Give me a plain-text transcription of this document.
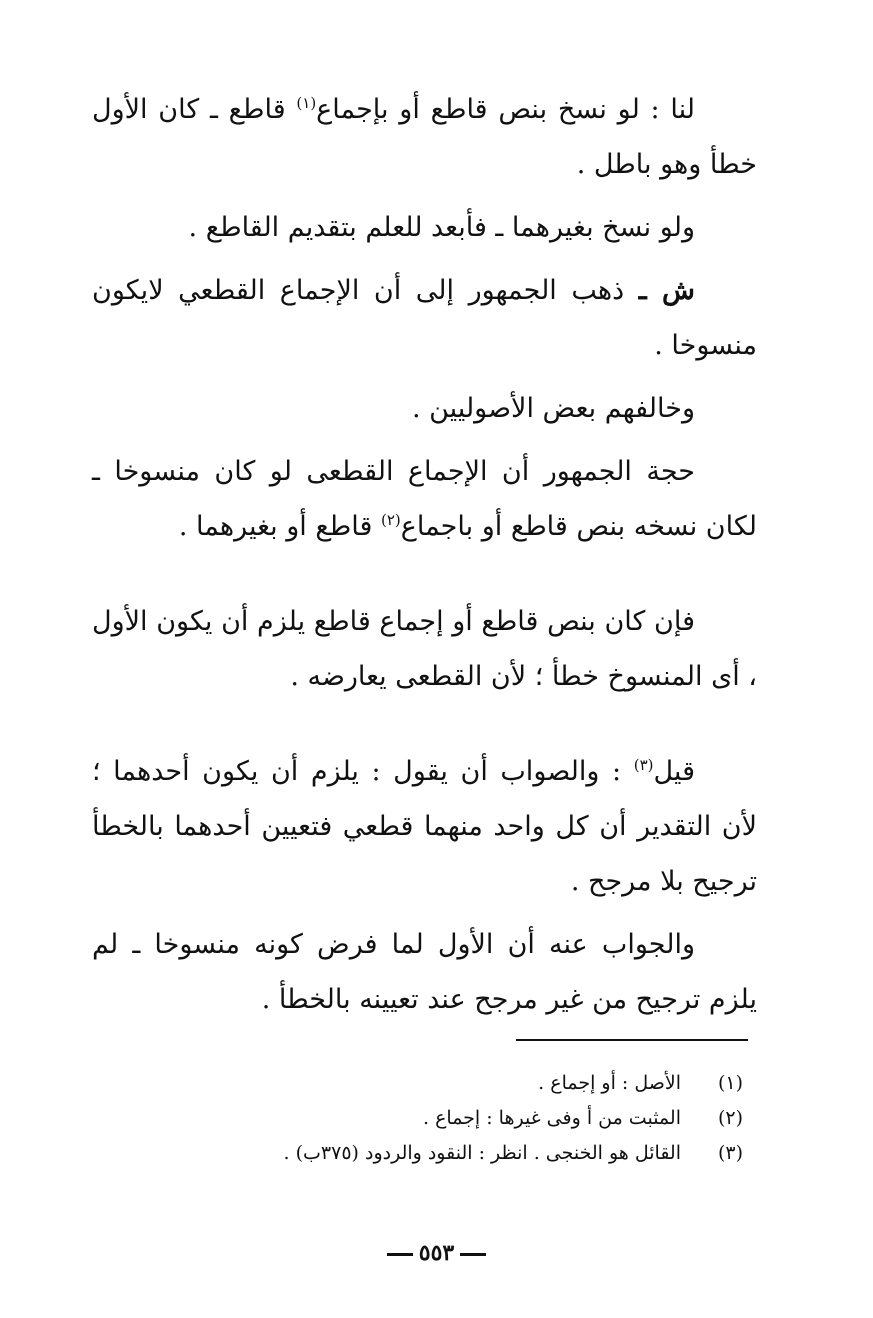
لنا : لو نسخ بنص قاطع أو بإجماع$^{(١)}$ قاطع ـ كان الأول خطأ وهو باطل .

ولو نسخ بغيرهما ـ فأبعد للعلم بتقديم القاطع .

ش ـ ذهب الجمهور إلى أن الإجماع القطعي لايكون منسوخا .

وخالفهم بعض الأصوليين .

حجة الجمهور أن الإجماع القطعى لو كان منسوخا ـ لكان نسخه بنص قاطع أو باجماع$^{(٢)}$ قاطع أو بغيرهما .

فإن كان بنص قاطع أو إجماع قاطع يلزم أن يكون الأول ، أى المنسوخ خطأ ؛ لأن القطعى يعارضه .

قيل$^{(٣)}$ : والصواب أن يقول : يلزم أن يكون أحدهما ؛ لأن التقدير أن كل واحد منهما قطعي فتعيين أحدهما بالخطأ ترجيح بلا مرجح .

والجواب عنه أن الأول لما فرض كونه منسوخا ـ لم يلزم ترجيح من غير مرجح عند تعيينه بالخطأ .

(١)
الأصل : أو إجماع .
(٢)
المثبت من أ وفى غيرها : إجماع .
(٣)
القائل هو الخنجى . انظر : النقود والردود (٣٧٥ب) .
٥٥٣
